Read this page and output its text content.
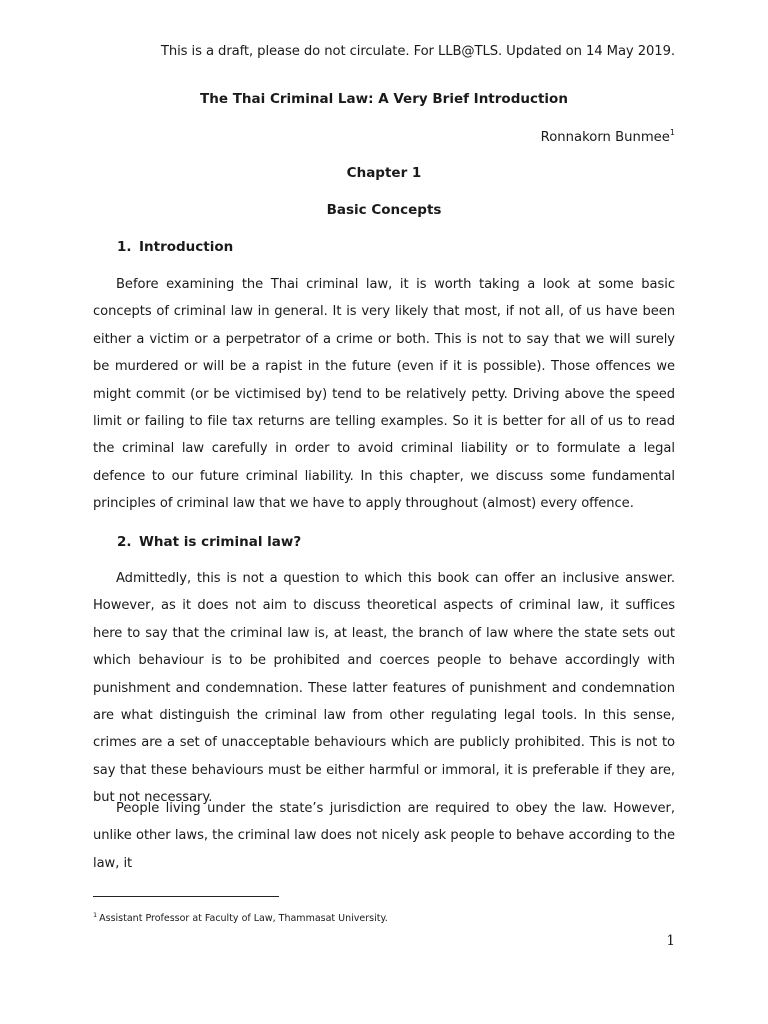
This is a draft, please do not circulate. For LLB@TLS. Updated on 14 May 2019.
The Thai Criminal Law: A Very Brief Introduction
Ronnakorn Bunmee$^1$
Chapter 1
Basic Concepts
1. Introduction
Before examining the Thai criminal law, it is worth taking a look at some basic concepts of criminal law in general. It is very likely that most, if not all, of us have been either a victim or a perpetrator of a crime or both. This is not to say that we will surely be murdered or will be a rapist in the future (even if it is possible). Those offences we might commit (or be victimised by) tend to be relatively petty. Driving above the speed limit or failing to file tax returns are telling examples. So it is better for all of us to read the criminal law carefully in order to avoid criminal liability or to formulate a legal defence to our future criminal liability. In this chapter, we discuss some fundamental principles of criminal law that we have to apply throughout (almost) every offence.
2. What is criminal law?
Admittedly, this is not a question to which this book can offer an inclusive answer. However, as it does not aim to discuss theoretical aspects of criminal law, it suffices here to say that the criminal law is, at least, the branch of law where the state sets out which behaviour is to be prohibited and coerces people to behave accordingly with punishment and condemnation. These latter features of punishment and condemnation are what distinguish the criminal law from other regulating legal tools. In this sense, crimes are a set of unacceptable behaviours which are publicly prohibited. This is not to say that these behaviours must be either harmful or immoral, it is preferable if they are, but not necessary.
People living under the state’s jurisdiction are required to obey the law. However, unlike other laws, the criminal law does not nicely ask people to behave according to the law, it
$^1$ Assistant Professor at Faculty of Law, Thammasat University.
1
